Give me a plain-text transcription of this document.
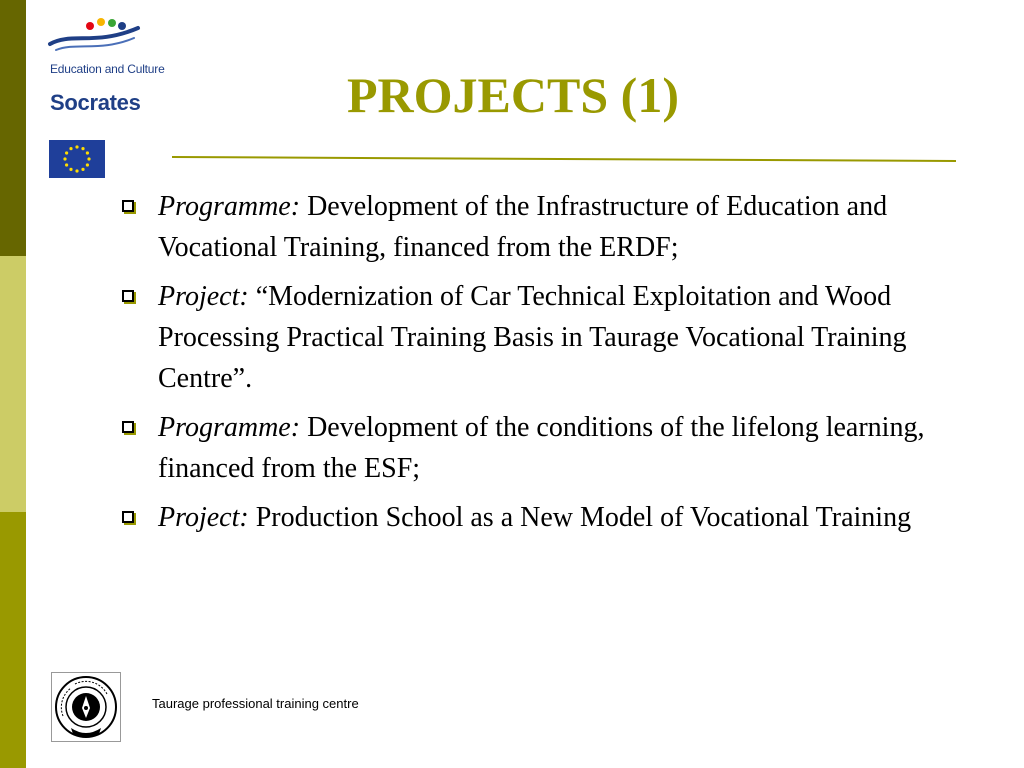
Education and Culture
Socrates	PROJECTS (1)
Programme: Development of the Infrastructure of Education and Vocational Training, financed from the ERDF;
Project: “Modernization of Car Technical Exploitation and Wood Processing Practical Training Basis in Taurage Vocational Training Centre”.
Programme: Development of the conditions of the lifelong learning, financed from the ESF;
Project: Production School as a New Model of Vocational Training
Taurage professional training centre
